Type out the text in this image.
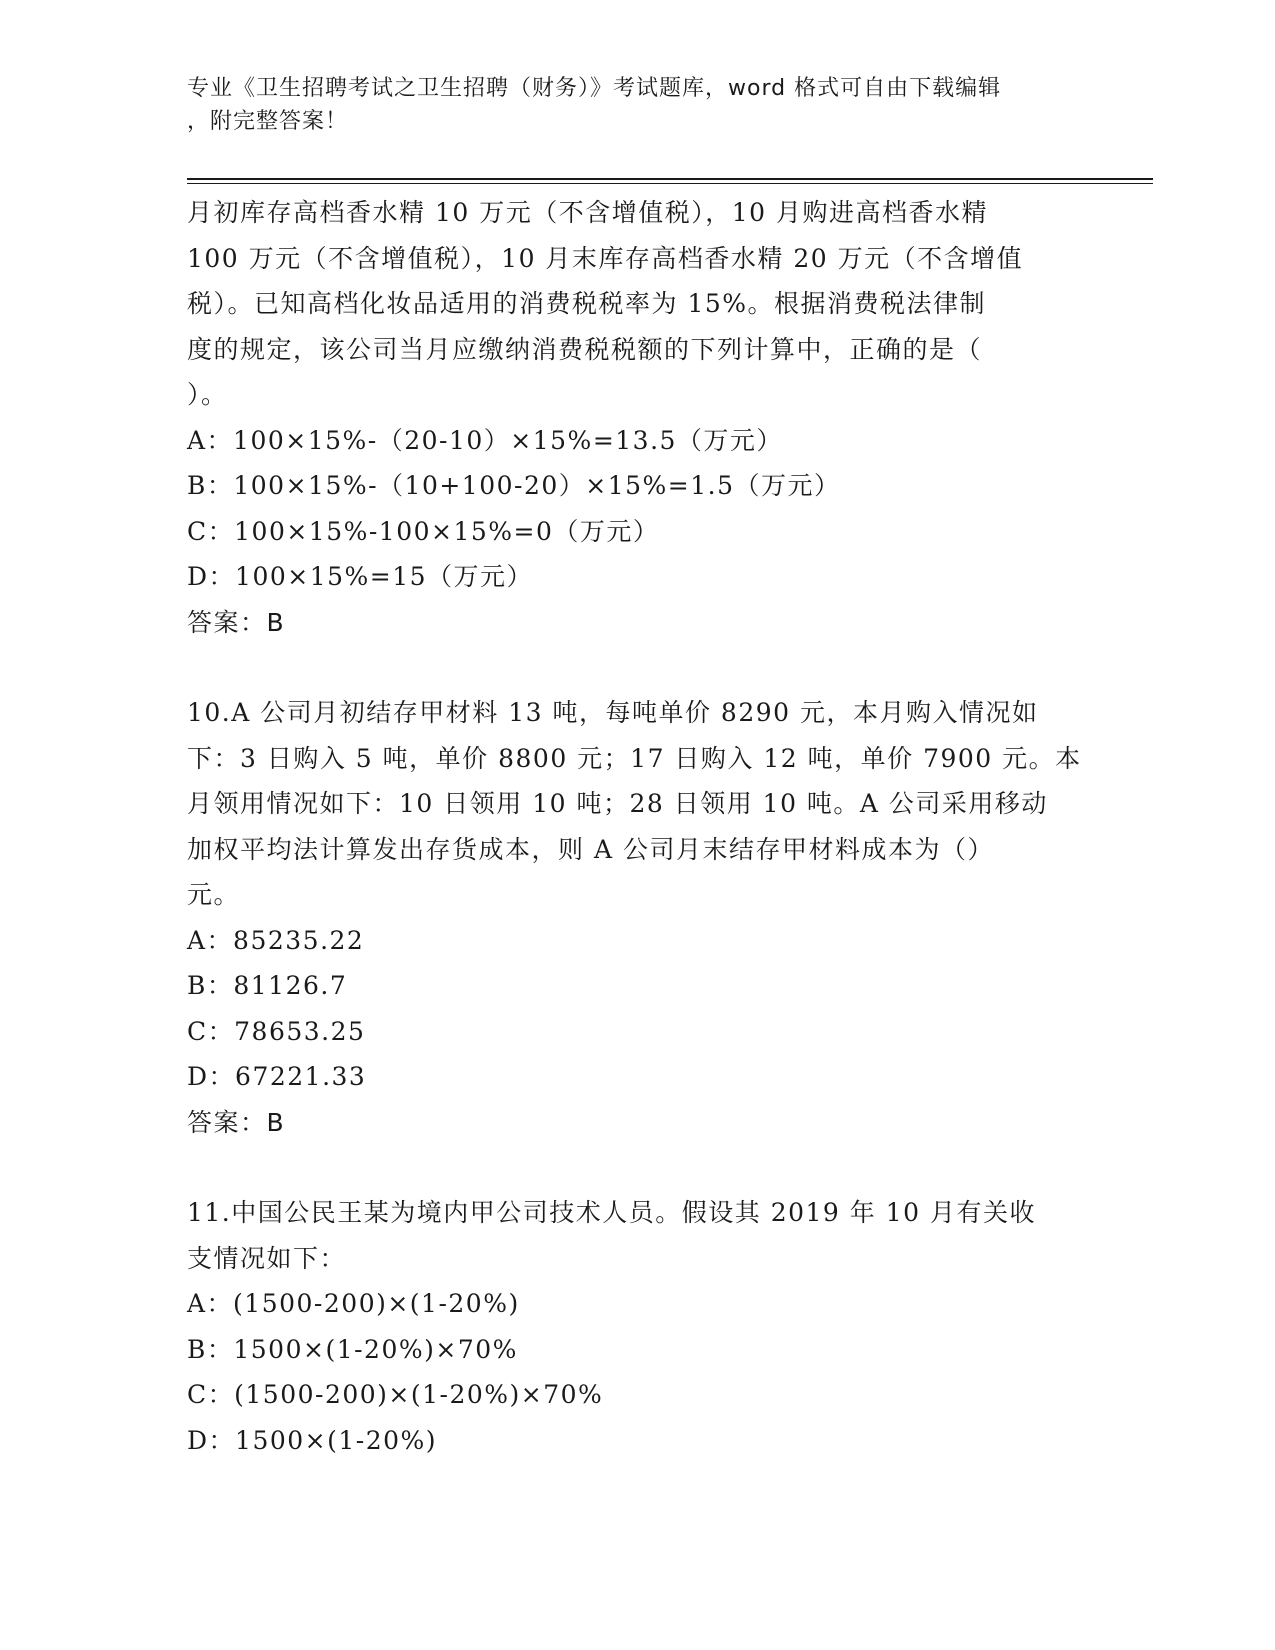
专业《卫生招聘考试之卫生招聘（财务）》考试题库，word 格式可自由下载编辑
，附完整答案！
月初库存高档香水精 10 万元（不含增值税），10 月购进高档香水精
100 万元（不含增值税），10 月末库存高档香水精 20 万元（不含增值
税）。已知高档化妆品适用的消费税税率为 15%。根据消费税法律制
度的规定，该公司当月应缴纳消费税税额的下列计算中，正确的是（
）。
A：100×15%-（20-10）×15%=13.5（万元）
B：100×15%-（10+100-20）×15%=1.5（万元）
C：100×15%-100×15%=0（万元）
D：100×15%=15（万元）
答案：B
10.A 公司月初结存甲材料 13 吨，每吨单价 8290 元，本月购入情况如
下：3 日购入 5 吨，单价 8800 元；17 日购入 12 吨，单价 7900 元。本
月领用情况如下：10 日领用 10 吨；28 日领用 10 吨。A 公司采用移动
加权平均法计算发出存货成本，则 A 公司月末结存甲材料成本为（）
元。
A：85235.22
B：81126.7
C：78653.25
D：67221.33
答案：B
11.中国公民王某为境内甲公司技术人员。假设其 2019 年 10 月有关收
支情况如下：
A：(1500-200)×(1-20%)
B：1500×(1-20%)×70%
C：(1500-200)×(1-20%)×70%
D：1500×(1-20%)
